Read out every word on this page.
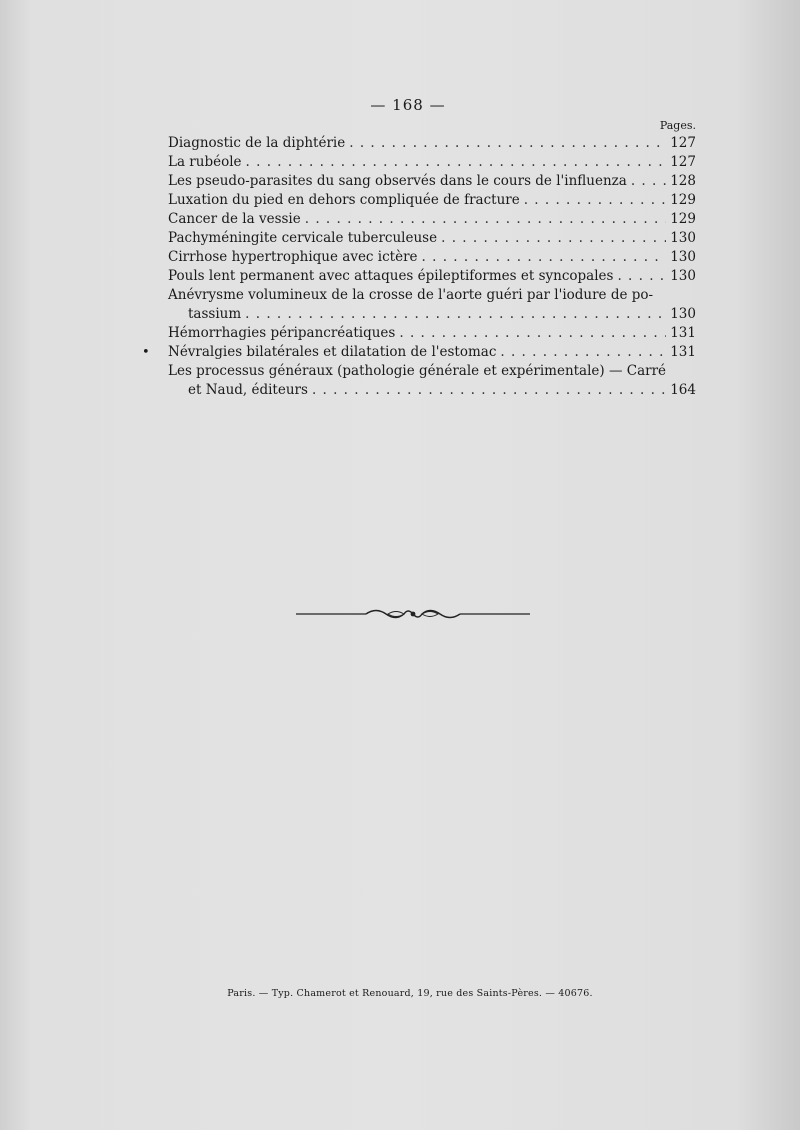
— 168 —
Pages.
Diagnostic de la diphtérie . . .	127
La rubéole . . .	127
Les pseudo-parasites du sang observés dans le cours de l'influenza . . .	128
Luxation du pied en dehors compliquée de fracture . . .	129
Cancer de la vessie . . .	129
Pachyméningite cervicale tuberculeuse . . .	130
Cirrhose hypertrophique avec ictère . . .	130
Pouls lent permanent avec attaques épileptiformes et syncopales . . .	130
Anévrysme volumineux de la crosse de l'aorte guéri par l'iodure de po-
tassium . . .	130
Hémorrhagies péripancréatiques . . .	131
• Névralgies bilatérales et dilatation de l'estomac . . .	131
Les processus généraux (pathologie générale et expérimentale) — Carré
et Naud, éditeurs . . .	164
Paris. — Typ. Chamerot et Renouard, 19, rue des Saints-Pères. — 40676.
